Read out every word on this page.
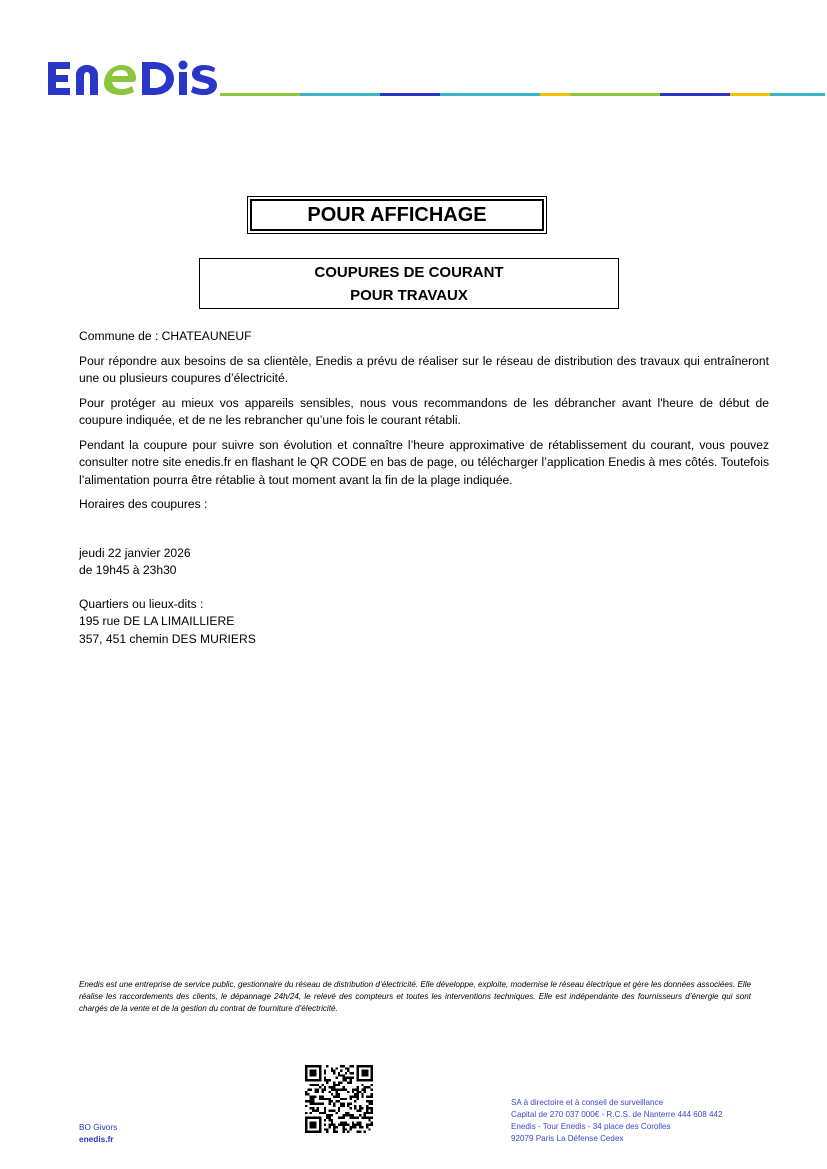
POUR AFFICHAGE
COUPURES DE COURANT
POUR TRAVAUX

Commune de : CHATEAUNEUF

Pour répondre aux besoins de sa clientèle, Enedis a prévu de réaliser sur le réseau de distribution des travaux qui entraîneront une ou plusieurs coupures d’électricité.

Pour protéger au mieux vos appareils sensibles, nous vous recommandons de les débrancher avant l'heure de début de coupure indiquée, et de ne les rebrancher qu’une fois le courant rétabli.

Pendant la coupure pour suivre son évolution et connaître l’heure approximative de rétablissement du courant, vous pouvez consulter notre site enedis.fr en flashant le QR CODE en bas de page, ou télécharger l’application Enedis à mes côtés. Toutefois l’alimentation pourra être rétablie à tout moment avant la fin de la plage indiquée.

Horaires des coupures :

jeudi 22 janvier 2026
de 19h45 à 23h30
Quartiers ou lieux-dits :
195 rue DE LA LIMAILLIERE
357, 451 chemin DES MURIERS
Enedis est une entreprise de service public, gestionnaire du réseau de distribution d’électricité. Elle développe, exploite, modernise le réseau électrique et gère les données associées. Elle réalise les raccordements des clients, le dépannage 24h/24, le relevé des compteurs et toutes les interventions techniques. Elle est indépendante des fournisseurs d’énergie qui sont chargés de la vente et de la gestion du contrat de fourniture d’électricité.
BO Givors
enedis.fr
SA à directoire et à conseil de surveillance
Capital de 270 037 000€ - R.C.S. de Nanterre 444 608 442
Enedis - Tour Enedis - 34 place des Corolles
92079 Paris La Défense Cedex
